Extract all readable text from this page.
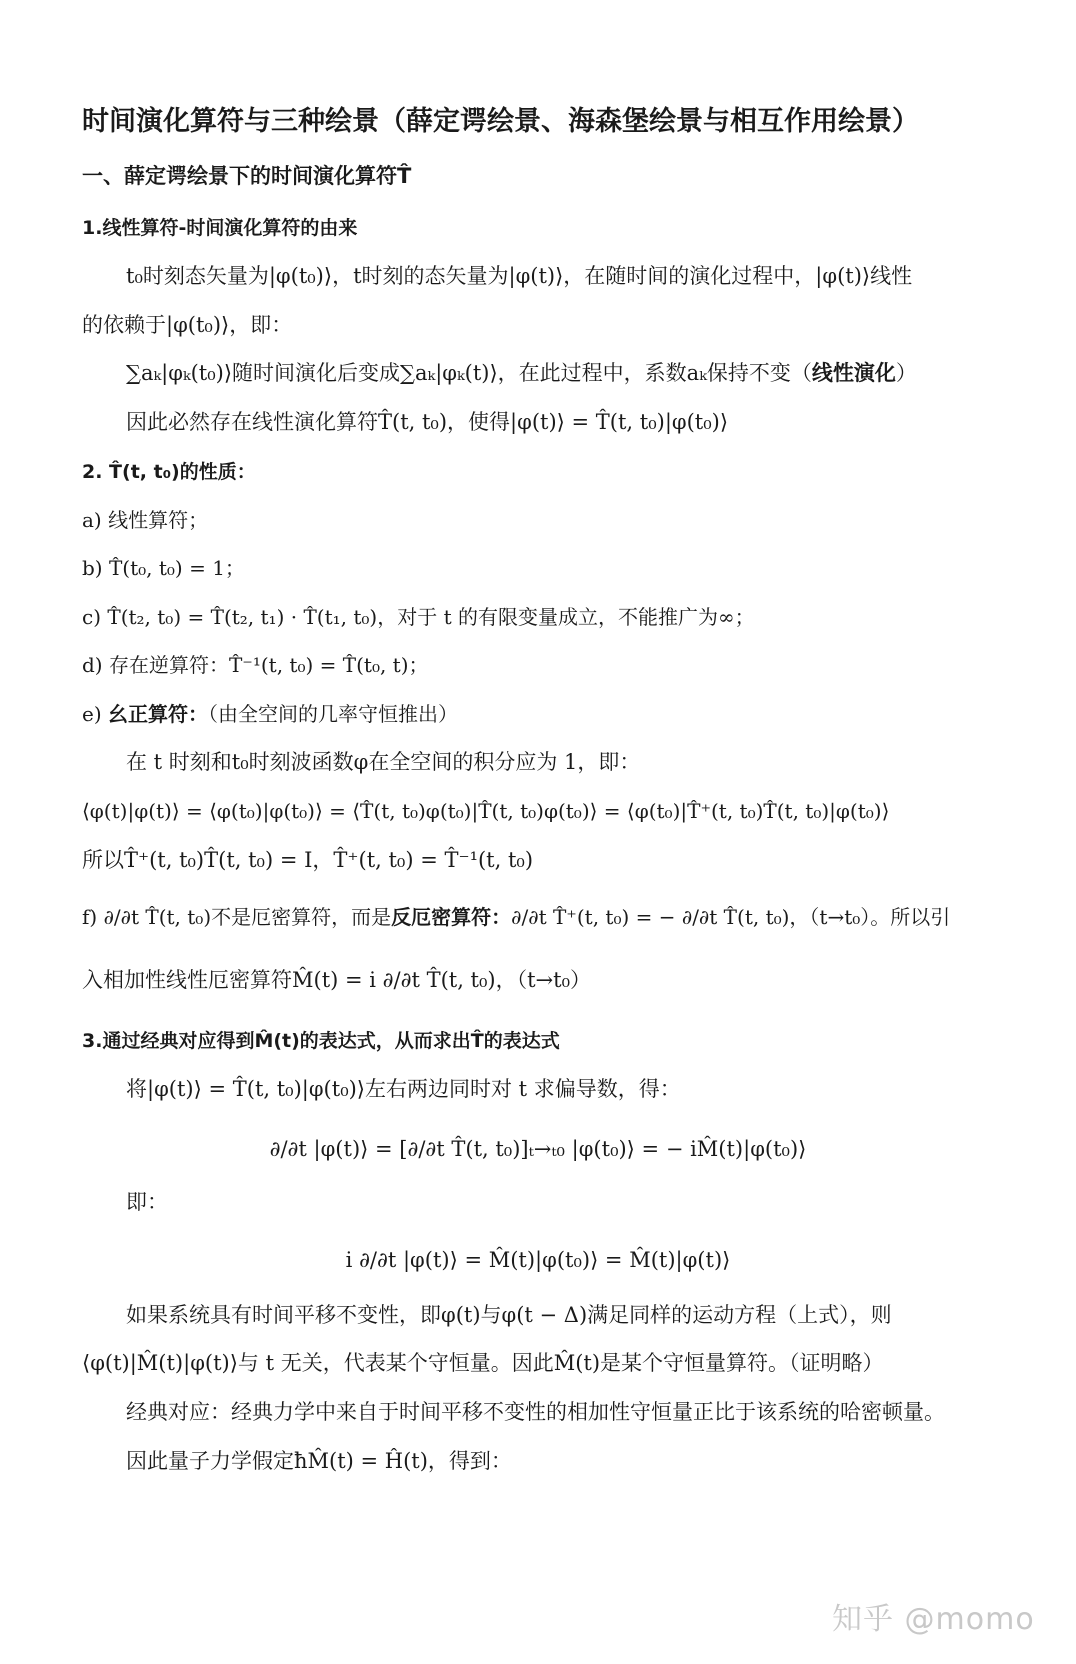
时间演化算符与三种绘景（薛定谔绘景、海森堡绘景与相互作用绘景）
一、薛定谔绘景下的时间演化算符T̂
1.线性算符-时间演化算符的由来
t₀时刻态矢量为|φ(t₀)⟩，t时刻的态矢量为|φ(t)⟩，在随时间的演化过程中，|φ(t)⟩线性
的依赖于|φ(t₀)⟩，即：
∑aₖ|φₖ(t₀)⟩随时间演化后变成∑aₖ|φₖ(t)⟩，在此过程中，系数aₖ保持不变（线性演化）
因此必然存在线性演化算符T̂(t, t₀)，使得|φ(t)⟩ = T̂(t, t₀)|φ(t₀)⟩
2. T̂(t, t₀)的性质：
a) 线性算符；
b) T̂(t₀, t₀) = 1；
c) T̂(t₂, t₀) = T̂(t₂, t₁) · T̂(t₁, t₀)，对于 t 的有限变量成立，不能推广为∞；
d) 存在逆算符：T̂⁻¹(t, t₀) = T̂(t₀, t)；
e) 幺正算符：（由全空间的几率守恒推出）
在 t 时刻和t₀时刻波函数φ在全空间的积分应为 1，即：
⟨φ(t)|φ(t)⟩ = ⟨φ(t₀)|φ(t₀)⟩ = ⟨T̂(t, t₀)φ(t₀)|T̂(t, t₀)φ(t₀)⟩ = ⟨φ(t₀)|T̂⁺(t, t₀)T̂(t, t₀)|φ(t₀)⟩
所以T̂⁺(t, t₀)T̂(t, t₀) = I，T̂⁺(t, t₀) = T̂⁻¹(t, t₀)
f) ∂/∂t T̂(t, t₀)不是厄密算符，而是反厄密算符：∂/∂t T̂⁺(t, t₀) = − ∂/∂t T̂(t, t₀)，（t→t₀）。所以引
入相加性线性厄密算符M̂(t) = i ∂/∂t T̂(t, t₀)，（t→t₀）
3.通过经典对应得到M̂(t)的表达式，从而求出T̂的表达式
将|φ(t)⟩ = T̂(t, t₀)|φ(t₀)⟩左右两边同时对 t 求偏导数，得：
∂/∂t |φ(t)⟩ = [∂/∂t T̂(t, t₀)]ₜ→ₜ₀ |φ(t₀)⟩ = − iM̂(t)|φ(t₀)⟩
即：
i ∂/∂t |φ(t)⟩ = M̂(t)|φ(t₀)⟩ = M̂(t)|φ(t)⟩
如果系统具有时间平移不变性，即φ(t)与φ(t − Δ)满足同样的运动方程（上式），则
⟨φ(t)|M̂(t)|φ(t)⟩与 t 无关，代表某个守恒量。因此M̂(t)是某个守恒量算符。（证明略）
经典对应：经典力学中来自于时间平移不变性的相加性守恒量正比于该系统的哈密顿量。
因此量子力学假定ħM̂(t) = Ĥ(t)，得到：
知乎 @momo
